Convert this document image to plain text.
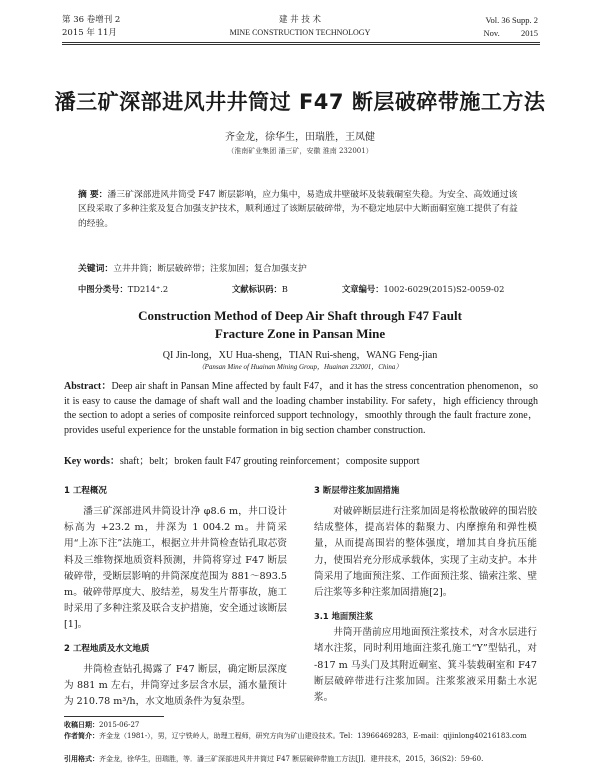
第 36 卷增刊 2
2015 年 11月
建 井 技 术
MINE CONSTRUCTION TECHNOLOGY
Vol. 36 Supp. 2
Nov.          2015
潘三矿深部进风井井筒过 F47 断层破碎带施工方法
齐金龙，徐华生，田瑞胜，王凤健
（淮南矿业集团 潘三矿，安徽 淮南 232001）
摘 要：潘三矿深部进风井筒受 F47 断层影响，应力集中，易造成井壁破坏及装载硐室失稳。为安全、高效通过该区段采取了多种注浆及复合加强支护技术，顺利通过了该断层破碎带，为不稳定地层中大断面硐室施工提供了有益的经验。
关键词：立井井筒；断层破碎带；注浆加固；复合加强支护
中图分类号：TD214⁺.2	文献标识码：B	文章编号：1002-6029(2015)S2-0059-02
Construction Method of Deep Air Shaft through F47 Fault
Fracture Zone in Pansan Mine
QI Jin-long，XU Hua-sheng，TIAN Rui-sheng，WANG Feng-jian
（Pansan Mine of Huainan Mining Group，Huainan 232001，China）
Abstract：Deep air shaft in Pansan Mine affected by fault F47，and it has the stress concentration phenomenon，so it is easy to cause the damage of shaft wall and the loading chamber instability. For safety，high efficiency through the section to adopt a series of composite reinforced support technology，smoothly through the fault fracture zone，provides useful experience for the unstable formation in big section chamber construction.
Key words：shaft；belt；broken fault F47 grouting reinforcement；composite support
1 工程概况
潘三矿深部进风井筒设计净 φ8.6 m，井口设计标高为 +23.2 m，井深为 1 004.2 m。井筒采用“上冻下注”法施工，根据立井井筒检查钻孔取芯资料及三维物探地质资料预测，井筒将穿过 F47 断层破碎带，受断层影响的井筒深度范围为 881～893.5 m。破碎带厚度大、胶结差，易发生片帮事故，施工时采用了多种注浆及联合支护措施，安全通过该断层[1]。
2 工程地质及水文地质
井筒检查钻孔揭露了 F47 断层，确定断层深度为 881 m 左右，井筒穿过多层含水层，涌水量预计为 210.78 m³/h，水文地质条件为复杂型。
3 断层带注浆加固措施
对破碎断层进行注浆加固是将松散破碎的围岩胶结成整体，提高岩体的黏聚力、内摩擦角和弹性模量，从而提高围岩的整体强度，增加其自身抗压能力，使围岩充分形成承载体，实现了主动支护。本井筒采用了地面预注浆、工作面预注浆、锚索注浆、壁后注浆等多种注浆加固措施[2]。
3.1 地面预注浆
井筒开凿前应用地面预注浆技术，对含水层进行堵水注浆，同时利用地面注浆孔施工“Y”型钻孔，对 -817 m 马头门及其附近硐室、箕斗装载硐室和 F47 断层破碎带进行注浆加固。注浆浆液采用黏土水泥浆。
收稿日期：2015-06-27
作者简介：齐金龙（1981-），男，辽宁铁岭人，助理工程师，研究方向为矿山建设技术。Tel：13966469283，E-mail：qijinlong40216183.com
引用格式：齐金龙，徐华生，田瑞胜，等．潘三矿深部进风井井筒过 F47 断层破碎带施工方法[J]．建井技术，2015，36(S2)：59-60.
